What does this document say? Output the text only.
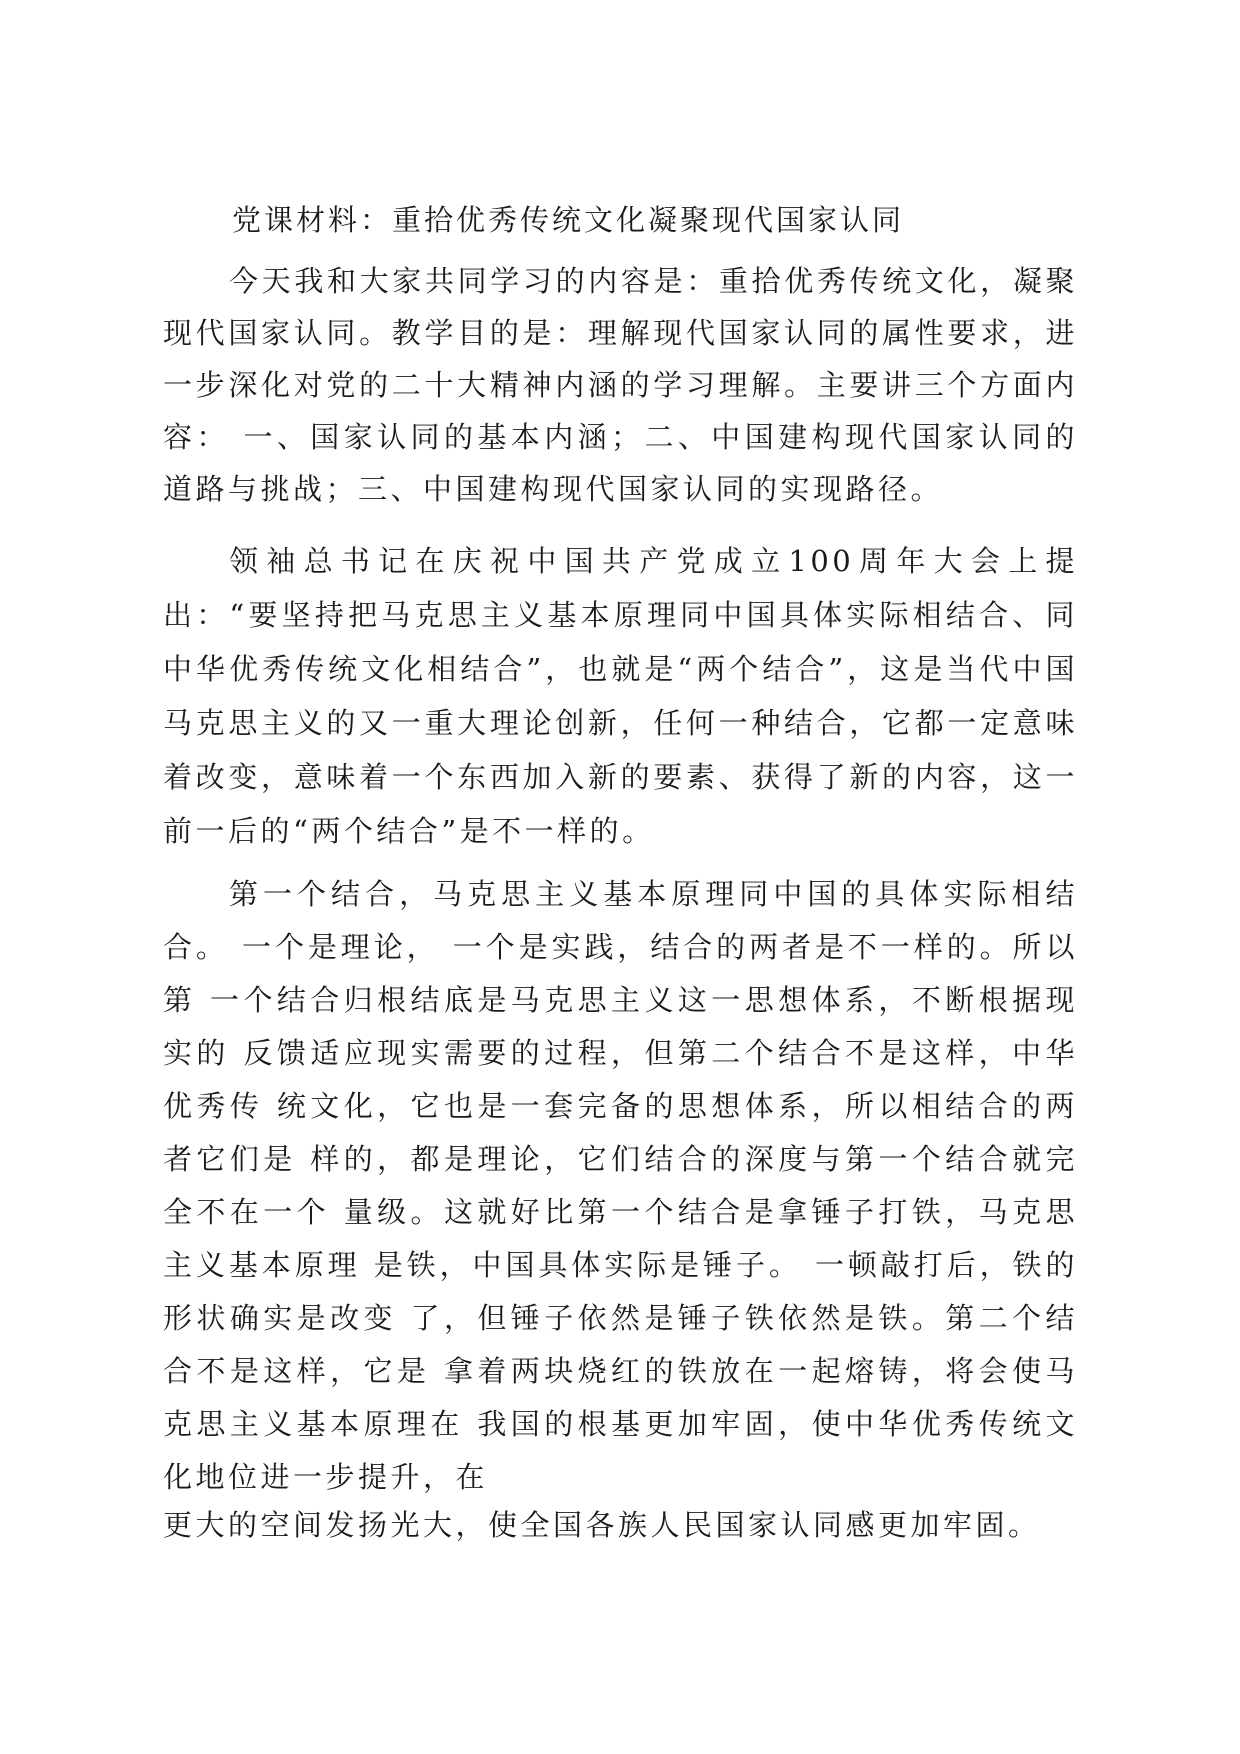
党课材料：重拾优秀传统文化凝聚现代国家认同

今天我和大家共同学习的内容是：重拾优秀传统文化，凝聚现代国家认同。教学目的是：理解现代国家认同的属性要求，进一步深化对党的二十大精神内涵的学习理解。主要讲三个方面内容： 一、国家认同的基本内涵；二、中国建构现代国家认同的道路与挑战；三、中国建构现代国家认同的实现路径。

领袖总书记在庆祝中国共产党成立100周年大会上提出：“要坚持把马克思主义基本原理同中国具体实际相结合、同中华优秀传统文化相结合”，也就是“两个结合”，这是当代中国马克思主义的又一重大理论创新，任何一种结合，它都一定意味着改变，意味着一个东西加入新的要素、获得了新的内容，这一前一后的“两个结合”是不一样的。

第一个结合，马克思主义基本原理同中国的具体实际相结合。 一个是理论， 一个是实践，结合的两者是不一样的。所以第 一个结合归根结底是马克思主义这一思想体系，不断根据现实的 反馈适应现实需要的过程，但第二个结合不是这样，中华优秀传 统文化，它也是一套完备的思想体系，所以相结合的两者它们是 样的，都是理论，它们结合的深度与第一个结合就完全不在一个 量级。这就好比第一个结合是拿锤子打铁，马克思主义基本原理 是铁，中国具体实际是锤子。 一顿敲打后，铁的形状确实是改变 了，但锤子依然是锤子铁依然是铁。第二个结合不是这样，它是 拿着两块烧红的铁放在一起熔铸，将会使马克思主义基本原理在 我国的根基更加牢固，使中华优秀传统文化地位进一步提升，在

更大的空间发扬光大，使全国各族人民国家认同感更加牢固。
